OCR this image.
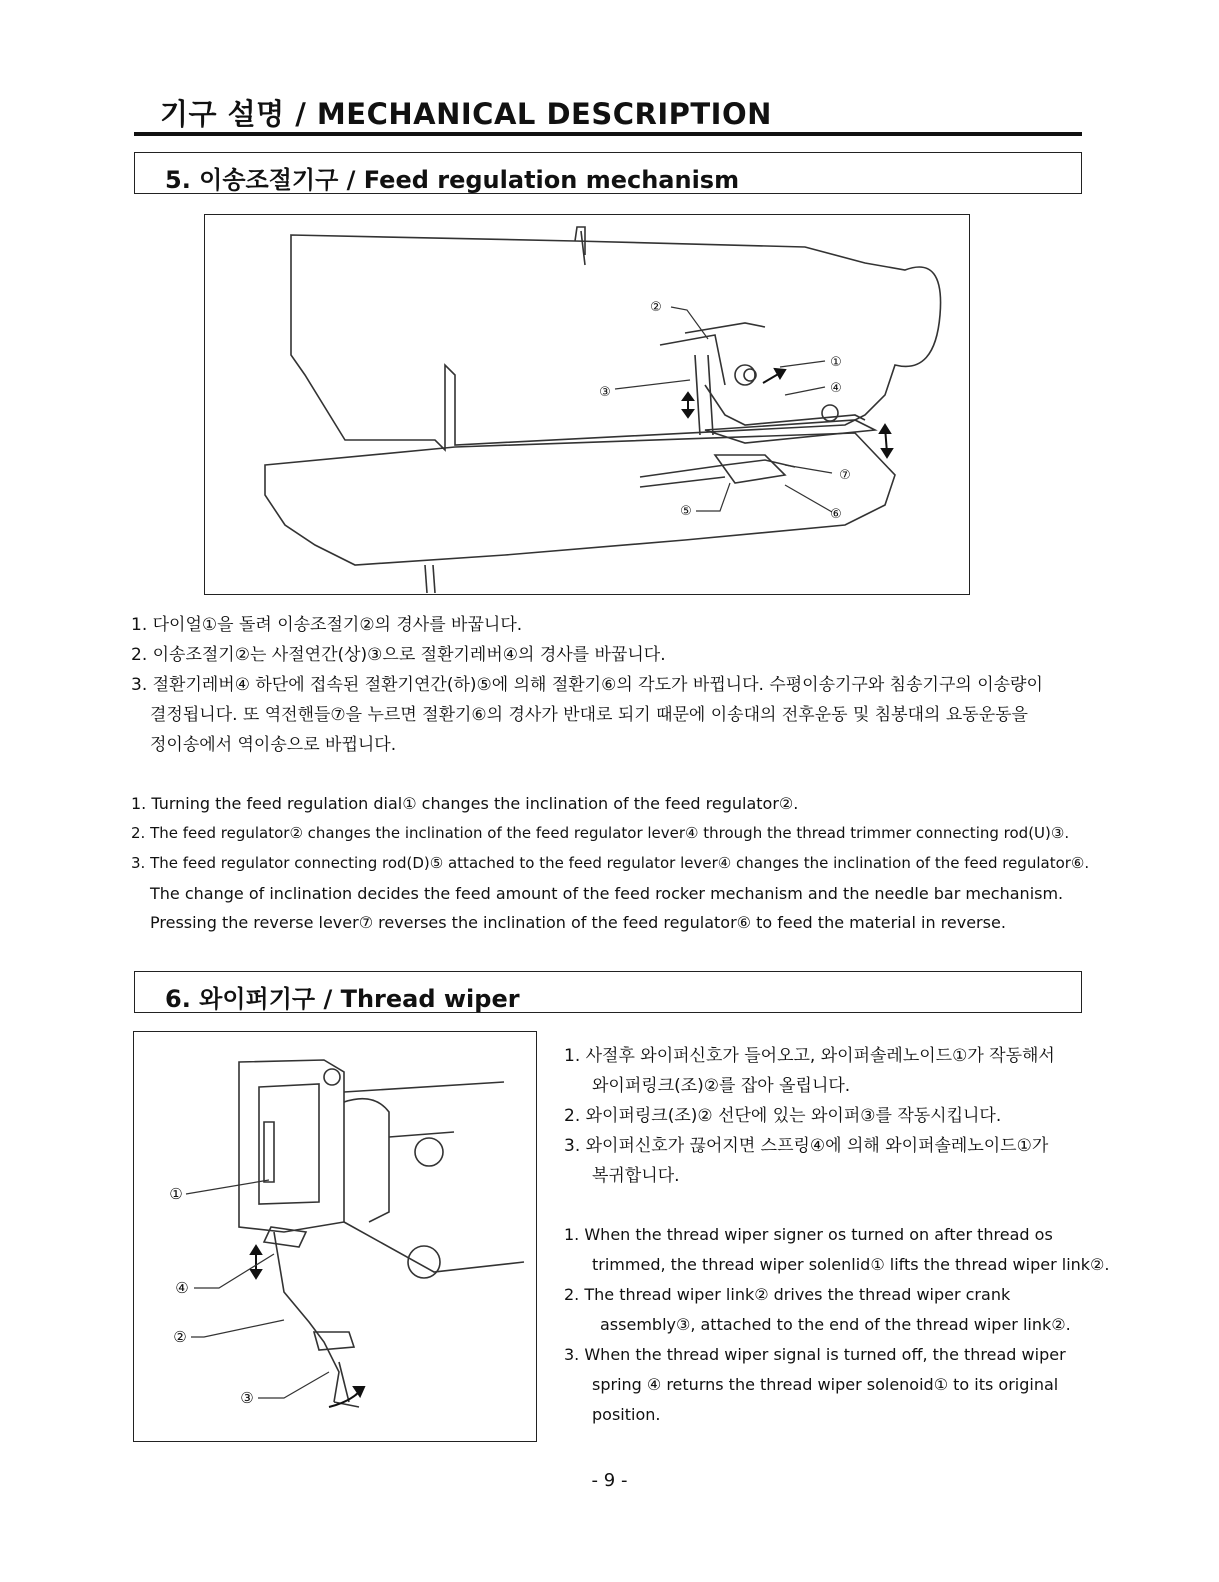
기구 설명 / MECHANICAL DESCRIPTION
5. 이송조절기구 / Feed regulation mechanism
②
①
④
③
⑦
⑤	⑥
1. 다이얼①을 돌려 이송조절기②의 경사를 바꿉니다.
2. 이송조절기②는 사절연간(상)③으로 절환기레버④의 경사를 바꿉니다.
3. 절환기레버④ 하단에 접속된 절환기연간(하)⑤에 의해 절환기⑥의 각도가 바뀝니다. 수평이송기구와 침송기구의 이송량이
결정됩니다. 또 역전핸들⑦을 누르면 절환기⑥의 경사가 반대로 되기 때문에 이송대의 전후운동 및 침봉대의 요동운동을
정이송에서 역이송으로 바뀝니다.
1. Turning the feed regulation dial① changes the inclination of the feed regulator②.
2. The feed regulator② changes the inclination of the feed regulator lever④ through the thread trimmer connecting rod(U)③.
3. The feed regulator connecting rod(D)⑤ attached to the feed regulator lever④ changes the inclination of the feed regulator⑥.
The change of inclination decides the feed amount of the feed rocker mechanism and the needle bar mechanism.
Pressing the reverse lever⑦ reverses the inclination of the feed regulator⑥ to feed the material in reverse.
6. 와이퍼기구 / Thread wiper
①
④
②
③
1. 사절후 와이퍼신호가 들어오고, 와이퍼솔레노이드①가 작동해서
와이퍼링크(조)②를 잡아 올립니다.
2. 와이퍼링크(조)② 선단에 있는 와이퍼③를 작동시킵니다.
3. 와이퍼신호가 끊어지면 스프링④에 의해 와이퍼솔레노이드①가
복귀합니다.
1. When the thread wiper signer os turned on after thread os
trimmed, the thread wiper solenlid① lifts the thread wiper link②.
2. The thread wiper link② drives the thread wiper crank
assembly③, attached to the end of the thread wiper link②.
3. When the thread wiper signal is turned off, the thread wiper
spring ④ returns the thread wiper solenoid① to its original
position.
- 9 -
